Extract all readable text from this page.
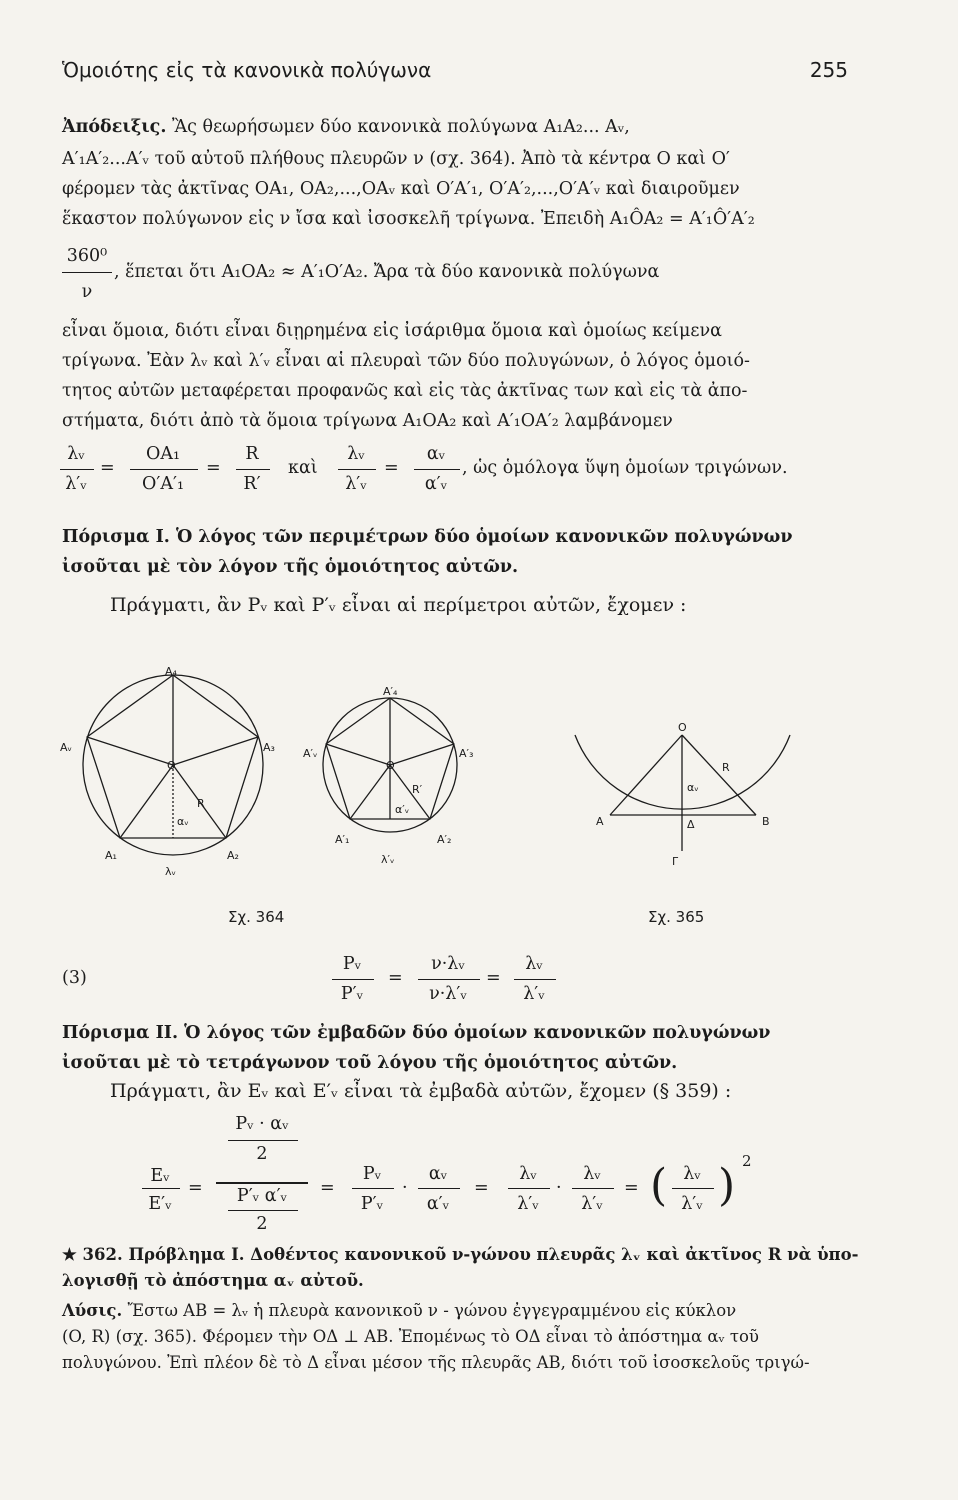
Ὁμοιότης εἰς τὰ κανονικὰ πολύγωνα	255
Ἀπόδειξις. Ἂς θεωρήσωμεν δύο κανονικὰ πολύγωνα A₁A₂... Aᵥ,
A′₁A′₂...A′ᵥ τοῦ αὐτοῦ πλήθους πλευρῶν ν (σχ. 364). Ἀπὸ τὰ κέντρα O καὶ O′
φέρομεν τὰς ἀκτῖνας OA₁, OA₂,...,OAᵥ καὶ O′A′₁, O′A′₂,...,O′A′ᵥ καὶ διαιροῦμεν
ἕκαστον πολύγωνον εἰς ν ἴσα καὶ ἰσοσκελῆ τρίγωνα. Ἐπειδὴ A₁ÔA₂ = A′₁Ô′A′₂
360⁰
ν
, ἕπεται ὅτι A₁OA₂ ≈ A′₁O′A₂. Ἄρα τὰ δύο κανονικὰ πολύγωνα
εἶναι ὅμοια, διότι εἶναι διῃρημένα εἰς ἰσάριθμα ὅμοια καὶ ὁμοίως κείμενα
τρίγωνα. Ἐὰν λᵥ καὶ λ′ᵥ εἶναι αἱ πλευραὶ τῶν δύο πολυγώνων, ὁ λόγος ὁμοιό-
τητος αὐτῶν μεταφέρεται προφανῶς καὶ εἰς τὰς ἀκτῖνας των καὶ εἰς τὰ ἀπο-
στήματα, διότι ἀπὸ τὰ ὅμοια τρίγωνα A₁OA₂ καὶ A′₁OA′₂ λαμβάνομεν
λᵥ
λ′ᵥ
=
OA₁
O′A′₁
=
R
R′
καὶ
λᵥ
λ′ᵥ
=
αᵥ
α′ᵥ
, ὡς ὁμόλογα ὕψη ὁμοίων τριγώνων.
Πόρισμα I. Ὁ λόγος τῶν περιμέτρων δύο ὁμοίων κανονικῶν πολυγώνων
ἰσοῦται μὲ τὸν λόγον τῆς ὁμοιότητος αὐτῶν.
Πράγματι, ἂν Pᵥ καὶ P′ᵥ εἶναι αἱ περίμετροι αὐτῶν, ἔχομεν :
A₄
A₃
Aᵥ
A₁	A₂
O
R
αᵥ
λᵥ
A′₄
A′₃
A′ᵥ
A′₁	A′₂
O
R′
α′ᵥ
λ′ᵥ
O
R
αᵥ
A	Δ	B
Γ
Σχ. 364	Σχ. 365
(3)
Pᵥ
P′ᵥ
=
ν·λᵥ
ν·λ′ᵥ
=
λᵥ
λ′ᵥ
Πόρισμα II. Ὁ λόγος τῶν ἐμβαδῶν δύο ὁμοίων κανονικῶν πολυγώνων
ἰσοῦται μὲ τὸ τετράγωνον τοῦ λόγου τῆς ὁμοιότητος αὐτῶν.
Πράγματι, ἂν Eᵥ καὶ E′ᵥ εἶναι τὰ ἐμβαδὰ αὐτῶν, ἔχομεν (§ 359) :
Eᵥ
E′ᵥ
=
Pᵥ · αᵥ
2
P′ᵥ α′ᵥ
2
=
Pᵥ
P′ᵥ
·
αᵥ
α′ᵥ
=
λᵥ
λ′ᵥ
·
λᵥ
λ′ᵥ
= ( λᵥ
λ′ᵥ ) 2
★ 362. Πρόβλημα I. Δοθέντος κανονικοῦ ν-γώνου πλευρᾶς λᵥ καὶ ἀκτῖνος R νὰ ὑπο-
λογισθῇ τὸ ἀπόστημα αᵥ αὐτοῦ.
Λύσις. Ἔστω AB = λᵥ ἡ πλευρὰ κανονικοῦ ν - γώνου ἐγγεγραμμένου εἰς κύκλον
(O, R) (σχ. 365). Φέρομεν τὴν OΔ ⊥ AB. Ἐπομένως τὸ OΔ εἶναι τὸ ἀπόστημα αᵥ τοῦ
πολυγώνου. Ἐπὶ πλέον δὲ τὸ Δ εἶναι μέσον τῆς πλευρᾶς AB, διότι τοῦ ἰσοσκελοῦς τριγώ-
